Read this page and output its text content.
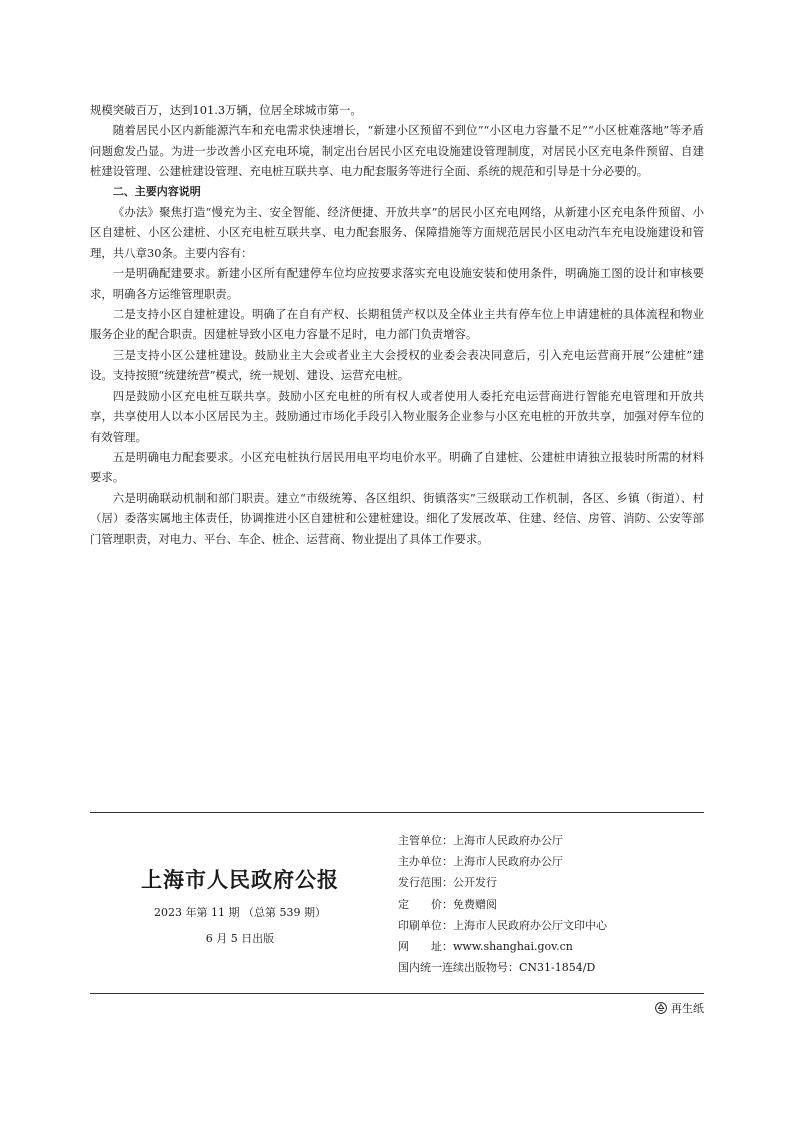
规模突破百万，达到101.3万辆，位居全球城市第一。

随着居民小区内新能源汽车和充电需求快速增长，“新建小区预留不到位”“小区电力容量不足”“小区桩难落地”等矛盾问题愈发凸显。为进一步改善小区充电环境，制定出台居民小区充电设施建设管理制度，对居民小区充电条件预留、自建桩建设管理、公建桩建设管理、充电桩互联共享、电力配套服务等进行全面、系统的规范和引导是十分必要的。

二、主要内容说明

《办法》聚焦打造“慢充为主、安全智能、经济便捷、开放共享”的居民小区充电网络，从新建小区充电条件预留、小区自建桩、小区公建桩、小区充电桩互联共享、电力配套服务、保障措施等方面规范居民小区电动汽车充电设施建设和管理，共八章30条。主要内容有：

一是明确配建要求。新建小区所有配建停车位均应按要求落实充电设施安装和使用条件，明确施工图的设计和审核要求，明确各方运维管理职责。

二是支持小区自建桩建设。明确了在自有产权、长期租赁产权以及全体业主共有停车位上申请建桩的具体流程和物业服务企业的配合职责。因建桩导致小区电力容量不足时，电力部门负责增容。

三是支持小区公建桩建设。鼓励业主大会或者业主大会授权的业委会表决同意后，引入充电运营商开展“公建桩”建设。支持按照“统建统营”模式，统一规划、建设、运营充电桩。

四是鼓励小区充电桩互联共享。鼓励小区充电桩的所有权人或者使用人委托充电运营商进行智能充电管理和开放共享，共享使用人以本小区居民为主。鼓励通过市场化手段引入物业服务企业参与小区充电桩的开放共享，加强对停车位的有效管理。

五是明确电力配套要求。小区充电桩执行居民用电平均电价水平。明确了自建桩、公建桩申请独立报装时所需的材料要求。

六是明确联动机制和部门职责。建立“市级统筹、各区组织、街镇落实”三级联动工作机制，各区、乡镇（街道）、村（居）委落实属地主体责任，协调推进小区自建桩和公建桩建设。细化了发展改革、住建、经信、房管、消防、公安等部门管理职责，对电力、平台、车企、桩企、运营商、物业提出了具体工作要求。

上海市人民政府公报
2023 年第 11 期 （总第 539 期）
6 月 5 日出版
主管单位：上海市人民政府办公厅
主办单位：上海市人民政府办公厅
发行范围：公开发行
定　　价：免费赠阅
印刷单位：上海市人民政府办公厅文印中心
网　　址：www.shanghai.gov.cn
国内统一连续出版物号：CN31-1854/D
再生纸
